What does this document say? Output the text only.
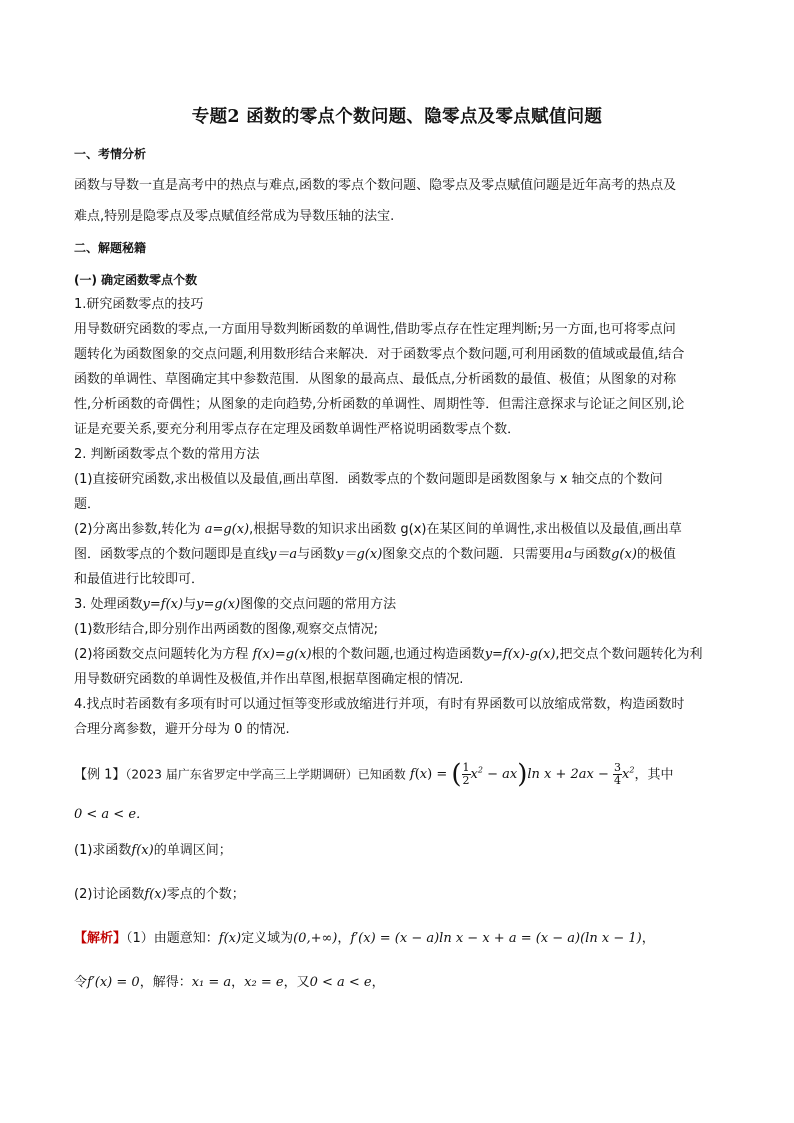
专题2 函数的零点个数问题、隐零点及零点赋值问题
一、考情分析
函数与导数一直是高考中的热点与难点,函数的零点个数问题、隐零点及零点赋值问题是近年高考的热点及
难点,特别是隐零点及零点赋值经常成为导数压轴的法宝.
二、解题秘籍
(一) 确定函数零点个数
1.研究函数零点的技巧
用导数研究函数的零点,一方面用导数判断函数的单调性,借助零点存在性定理判断;另一方面,也可将零点问
题转化为函数图象的交点问题,利用数形结合来解决．对于函数零点个数问题,可利用函数的值域或最值,结合
函数的单调性、草图确定其中参数范围．从图象的最高点、最低点,分析函数的最值、极值；从图象的对称
性,分析函数的奇偶性；从图象的走向趋势,分析函数的单调性、周期性等．但需注意探求与论证之间区别,论
证是充要关系,要充分利用零点存在定理及函数单调性严格说明函数零点个数．
2. 判断函数零点个数的常用方法
(1)直接研究函数,求出极值以及最值,画出草图．函数零点的个数问题即是函数图象与 x 轴交点的个数问
题．
(2)分离出参数,转化为 a=g(x),根据导数的知识求出函数 g(x)在某区间的单调性,求出极值以及最值,画出草
图．函数零点的个数问题即是直线y＝a与函数y＝g(x)图象交点的个数问题．只需要用a与函数g(x)的极值
和最值进行比较即可．
3. 处理函数y=f(x)与y=g(x)图像的交点问题的常用方法
(1)数形结合,即分别作出两函数的图像,观察交点情况;
(2)将函数交点问题转化为方程 f(x)=g(x)根的个数问题,也通过构造函数y=f(x)-g(x),把交点个数问题转化为利
用导数研究函数的单调性及极值,并作出草图,根据草图确定根的情况.
4.找点时若函数有多项有时可以通过恒等变形或放缩进行并项，有时有界函数可以放缩成常数，构造函数时
合理分离参数，避开分母为 0 的情况.
【例 1】（2023 届广东省罗定中学高三上学期调研）已知函数 f(x) = ( $\frac{1}{2} x^2 - ax)\ln$ $x + 2ax - \frac{3}{4} x^2$，其中
0 < a < e．
(1)求函数f(x)的单调区间；
(2)讨论函数f(x)零点的个数；
【解析】（1）由题意知：f(x)定义域为(0,+∞)，f′(x) = (x − a)ln x − x + a = (x − a)(ln x − 1)，
令f′(x) = 0，解得：x₁ = a，x₂ = e，又0 < a < e，
